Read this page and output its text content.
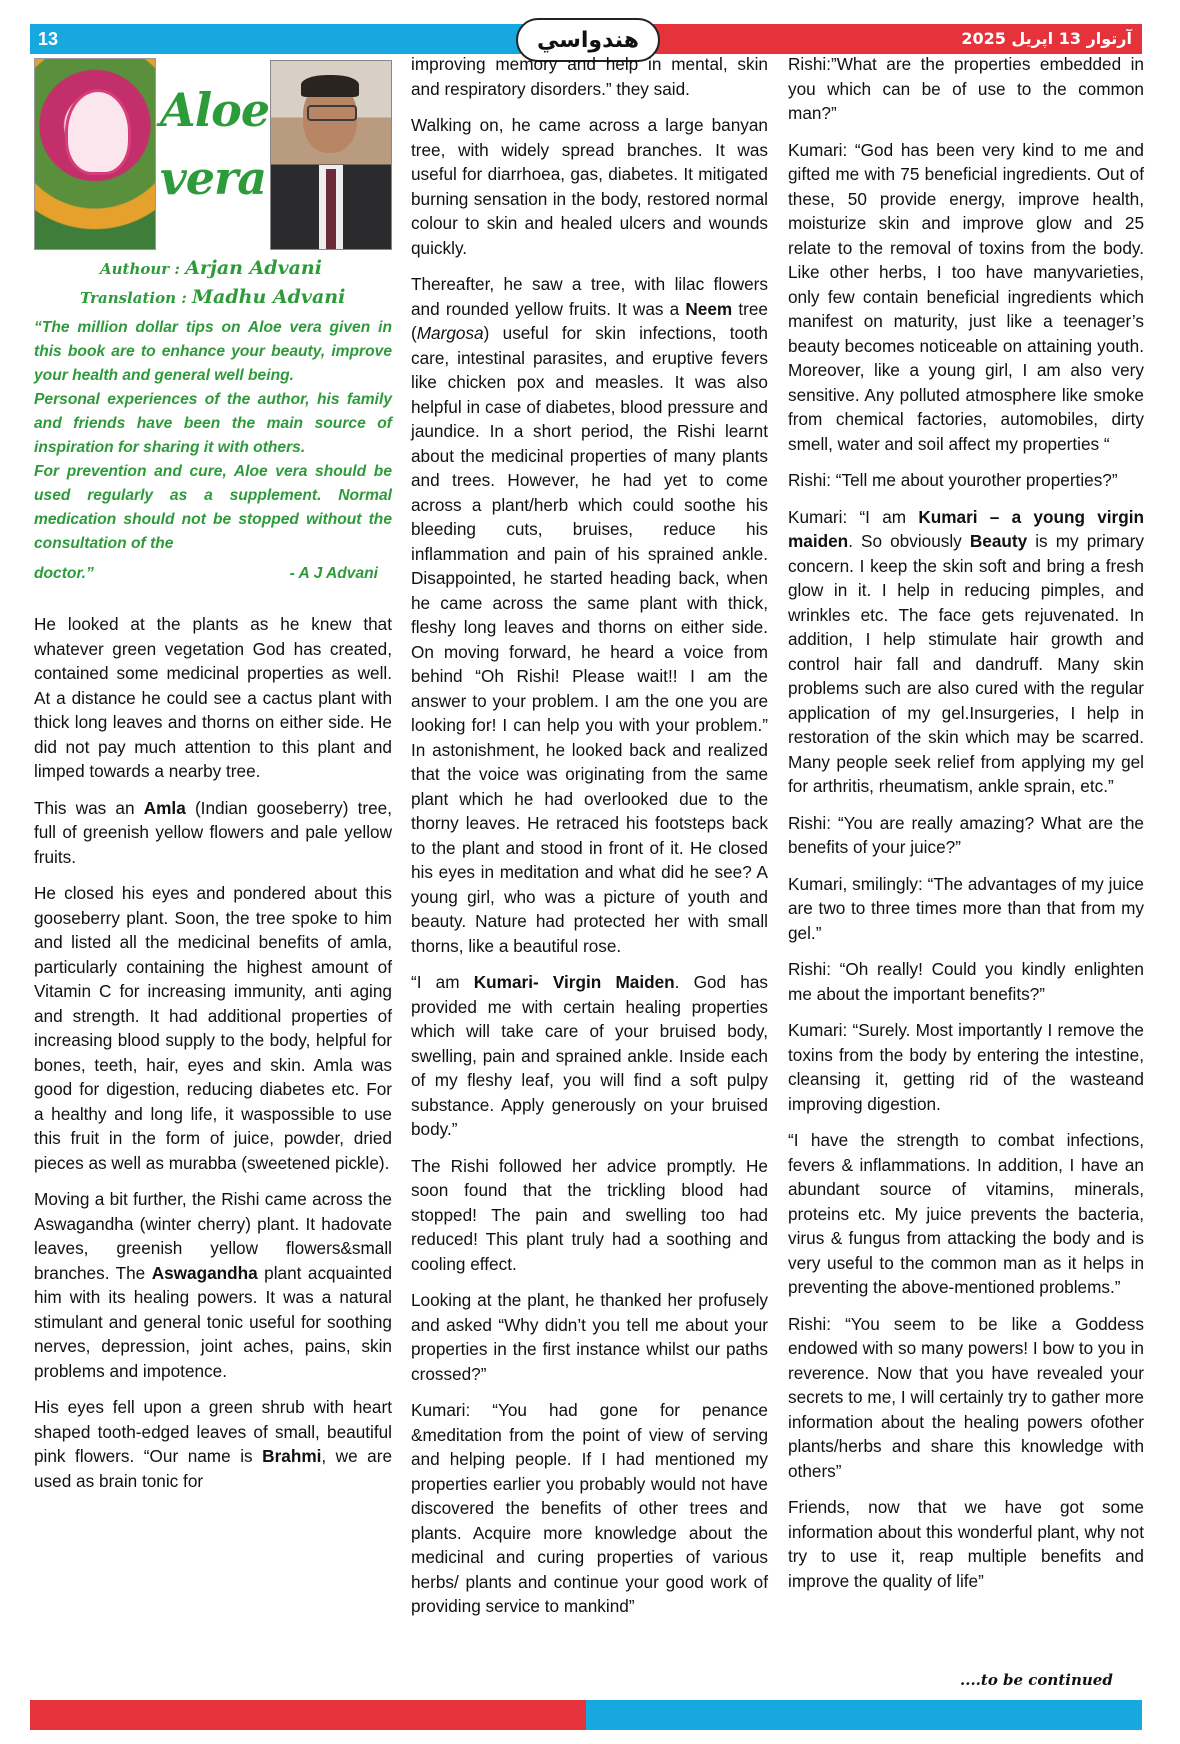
13	هندواسي	آرتوار 13 اپريل 2025
Aloe
vera
Authour : Arjan Advani
Translation : Madhu Advani

“The million dollar tips on Aloe vera given in this book are to enhance your beauty, improve your health and general well being.

Personal experiences of the author, his family and friends have been the main source of inspiration for sharing it with others.

For prevention and cure, Aloe vera should be used regularly as a supplement. Normal medication should not be stopped without the consultation of the

doctor.”	- A J Advani

He looked at the plants as he knew that whatever green vegetation God has created, contained some medicinal properties as well. At a distance he could see a cactus plant with thick long leaves and thorns on either side. He did not pay much attention to this plant and limped towards a nearby tree.

This was an Amla (Indian gooseberry) tree, full of greenish yellow flowers and pale yellow fruits.

He closed his eyes and pondered about this gooseberry plant. Soon, the tree spoke to him and listed all the medicinal benefits of amla, particularly containing the highest amount of Vitamin C for increasing immunity, anti aging and strength. It had additional properties of increasing blood supply to the body, helpful for bones, teeth, hair, eyes and skin. Amla was good for digestion, reducing diabetes etc. For a healthy and long life, it waspossible to use this fruit in the form of juice, powder, dried pieces as well as murabba (sweetened pickle).

Moving a bit further, the Rishi came across the Aswagandha (winter cherry) plant. It hadovate leaves, greenish yellow flowers&small branches. The Aswagandha plant acquainted him with its healing powers. It was a natural stimulant and general tonic useful for soothing nerves, depression, joint aches, pains, skin problems and impotence.

His eyes fell upon a green shrub with heart shaped tooth-edged leaves of small, beautiful pink flowers. “Our name is Brahmi, we are used as brain tonic for

improving memory and help in mental, skin and respiratory disorders.” they said.

Walking on, he came across a large banyan tree, with widely spread branches. It was useful for diarrhoea, gas, diabetes. It mitigated burning sensation in the body, restored normal colour to skin and healed ulcers and wounds quickly.

Thereafter, he saw a tree, with lilac flowers and rounded yellow fruits. It was a Neem tree (Margosa) useful for skin infections, tooth care, intestinal parasites, and eruptive fevers like chicken pox and measles. It was also helpful in case of diabetes, blood pressure and jaundice. In a short period, the Rishi learnt about the medicinal properties of many plants and trees. However, he had yet to come across a plant/herb which could soothe his bleeding cuts, bruises, reduce his inflammation and pain of his sprained ankle. Disappointed, he started heading back, when he came across the same plant with thick, fleshy long leaves and thorns on either side. On moving forward, he heard a voice from behind “Oh Rishi! Please wait!! I am the answer to your problem. I am the one you are looking for! I can help you with your problem.” In astonishment, he looked back and realized that the voice was originating from the same plant which he had overlooked due to the thorny leaves. He retraced his footsteps back to the plant and stood in front of it. He closed his eyes in meditation and what did he see? A young girl, who was a picture of youth and beauty. Nature had protected her with small thorns, like a beautiful rose.

“I am Kumari- Virgin Maiden. God has provided me with certain healing properties which will take care of your bruised body, swelling, pain and sprained ankle. Inside each of my fleshy leaf, you will find a soft pulpy substance. Apply generously on your bruised body.”

The Rishi followed her advice promptly. He soon found that the trickling blood had stopped! The pain and swelling too had reduced! This plant truly had a soothing and cooling effect.

Looking at the plant, he thanked her profusely and asked “Why didn’t you tell me about your properties in the first instance whilst our paths crossed?”

Kumari: “You had gone for penance &meditation from the point of view of serving and helping people. If I had mentioned my properties earlier you probably would not have discovered the benefits of other trees and plants. Acquire more knowledge about the medicinal and curing properties of various herbs/ plants and continue your good work of providing service to mankind”

Rishi:”What are the properties embedded in you which can be of use to the common man?”

Kumari: “God has been very kind to me and gifted me with 75 beneficial ingredients. Out of these, 50 provide energy, improve health, moisturize skin and improve glow and 25 relate to the removal of toxins from the body. Like other herbs, I too have manyvarieties, only few contain beneficial ingredients which manifest on maturity, just like a teenager’s beauty becomes noticeable on attaining youth. Moreover, like a young girl, I am also very sensitive. Any polluted atmosphere like smoke from chemical factories, automobiles, dirty smell, water and soil affect my properties “

Rishi: “Tell me about yourother properties?”

Kumari: “I am Kumari – a young virgin maiden. So obviously Beauty is my primary concern. I keep the skin soft and bring a fresh glow in it. I help in reducing pimples, and wrinkles etc. The face gets rejuvenated. In addition, I help stimulate hair growth and control hair fall and dandruff. Many skin problems such are also cured with the regular application of my gel.Insurgeries, I help in restoration of the skin which may be scarred. Many people seek relief from applying my gel for arthritis, rheumatism, ankle sprain, etc.”

Rishi: “You are really amazing? What are the benefits of your juice?”

Kumari, smilingly: “The advantages of my juice are two to three times more than that from my gel.”

Rishi: “Oh really! Could you kindly enlighten me about the important benefits?”

Kumari: “Surely. Most importantly I remove the toxins from the body by entering the intestine, cleansing it, getting rid of the wasteand improving digestion.

“I have the strength to combat infections, fevers & inflammations. In addition, I have an abundant source of vitamins, minerals, proteins etc. My juice prevents the bacteria, virus & fungus from attacking the body and is very useful to the common man as it helps in preventing the above-mentioned problems.”

Rishi: “You seem to be like a Goddess endowed with so many powers! I bow to you in reverence. Now that you have revealed your secrets to me, I will certainly try to gather more information about the healing powers ofother plants/herbs and share this knowledge with others”

Friends, now that we have got some information about this wonderful plant, why not try to use it, reap multiple benefits and improve the quality of life”

....to be continued
